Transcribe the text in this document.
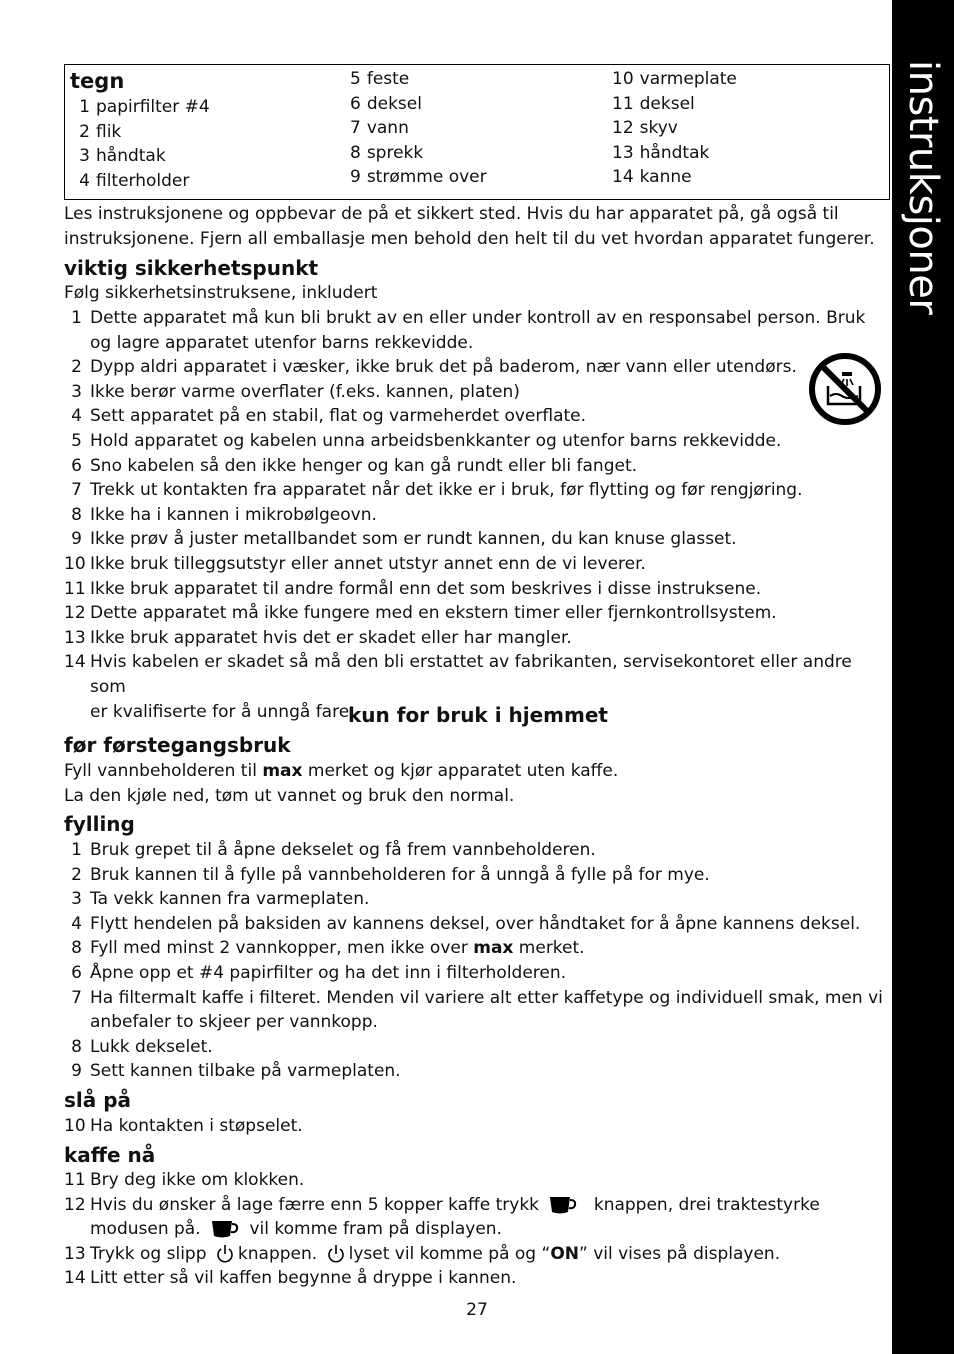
instruksjoner
tegn
1 papirfilter #4
2 flik
3 håndtak
4 filterholder
5 feste
6 deksel
7 vann
8 sprekk
9 strømme over
10 varmeplate
11 deksel
12 skyv
13 håndtak
14 kanne
Les instruksjonene og oppbevar de på et sikkert sted. Hvis du har apparatet på, gå også til
instruksjonene. Fjern all emballasje men behold den helt til du vet hvordan apparatet fungerer.
viktig sikkerhetspunkt
Følg sikkerhetsinstruksene, inkludert
1 Dette apparatet må kun bli brukt av en eller under kontroll av en responsabel person. Bruk
og lagre apparatet utenfor barns rekkevidde.
2 Dypp aldri apparatet i væsker, ikke bruk det på baderom, nær vann eller utendørs.
3 Ikke berør varme overflater (f.eks. kannen, platen)
4 Sett apparatet på en stabil, flat og varmeherdet overflate.
5 Hold apparatet og kabelen unna arbeidsbenkkanter og utenfor barns rekkevidde.
6 Sno kabelen så den ikke henger og kan gå rundt eller bli fanget.
7 Trekk ut kontakten fra apparatet når det ikke er i bruk, før flytting og før rengjøring.
8 Ikke ha i kannen i mikrobølgeovn.
9 Ikke prøv å juster metallbandet som er rundt kannen, du kan knuse glasset.
10 Ikke bruk tilleggsutstyr eller annet utstyr annet enn de vi leverer.
11 Ikke bruk apparatet til andre formål enn det som beskrives i disse instruksene.
12 Dette apparatet må ikke fungere med en ekstern timer eller fjernkontrollsystem.
13 Ikke bruk apparatet hvis det er skadet eller har mangler.
14 Hvis kabelen er skadet så må den bli erstattet av fabrikanten, servisekontoret eller andre som
er kvalifiserte for å unngå fare.
kun for bruk i hjemmet
før førstegangsbruk
Fyll vannbeholderen til max merket og kjør apparatet uten kaffe.
La den kjøle ned, tøm ut vannet og bruk den normal.
fylling
1 Bruk grepet til å åpne dekselet og få frem vannbeholderen.
2 Bruk kannen til å fylle på vannbeholderen for å unngå å fylle på for mye.
3 Ta vekk kannen fra varmeplaten.
4 Flytt hendelen på baksiden av kannens deksel, over håndtaket for å åpne kannens deksel.
8 Fyll med minst 2 vannkopper, men ikke over max merket.
6 Åpne opp et #4 papirfilter og ha det inn i filterholderen.
7 Ha filtermalt kaffe i filteret. Menden vil variere alt etter kaffetype og individuell smak, men vi
anbefaler to skjeer per vannkopp.
8 Lukk dekselet.
9 Sett kannen tilbake på varmeplaten.
slå på
10 Ha kontakten i støpselet.
kaffe nå
11 Bry deg ikke om klokken.
12 Hvis du ønsker å lage færre enn 5 kopper kaffe trykk	knappen, drei traktestyrke
modusen på.	vil komme fram på displayen.
13 Trykk og slipp knappen. lyset vil komme på og “ON” vil vises på displayen.
14 Litt etter så vil kaffen begynne å dryppe i kannen.
27
